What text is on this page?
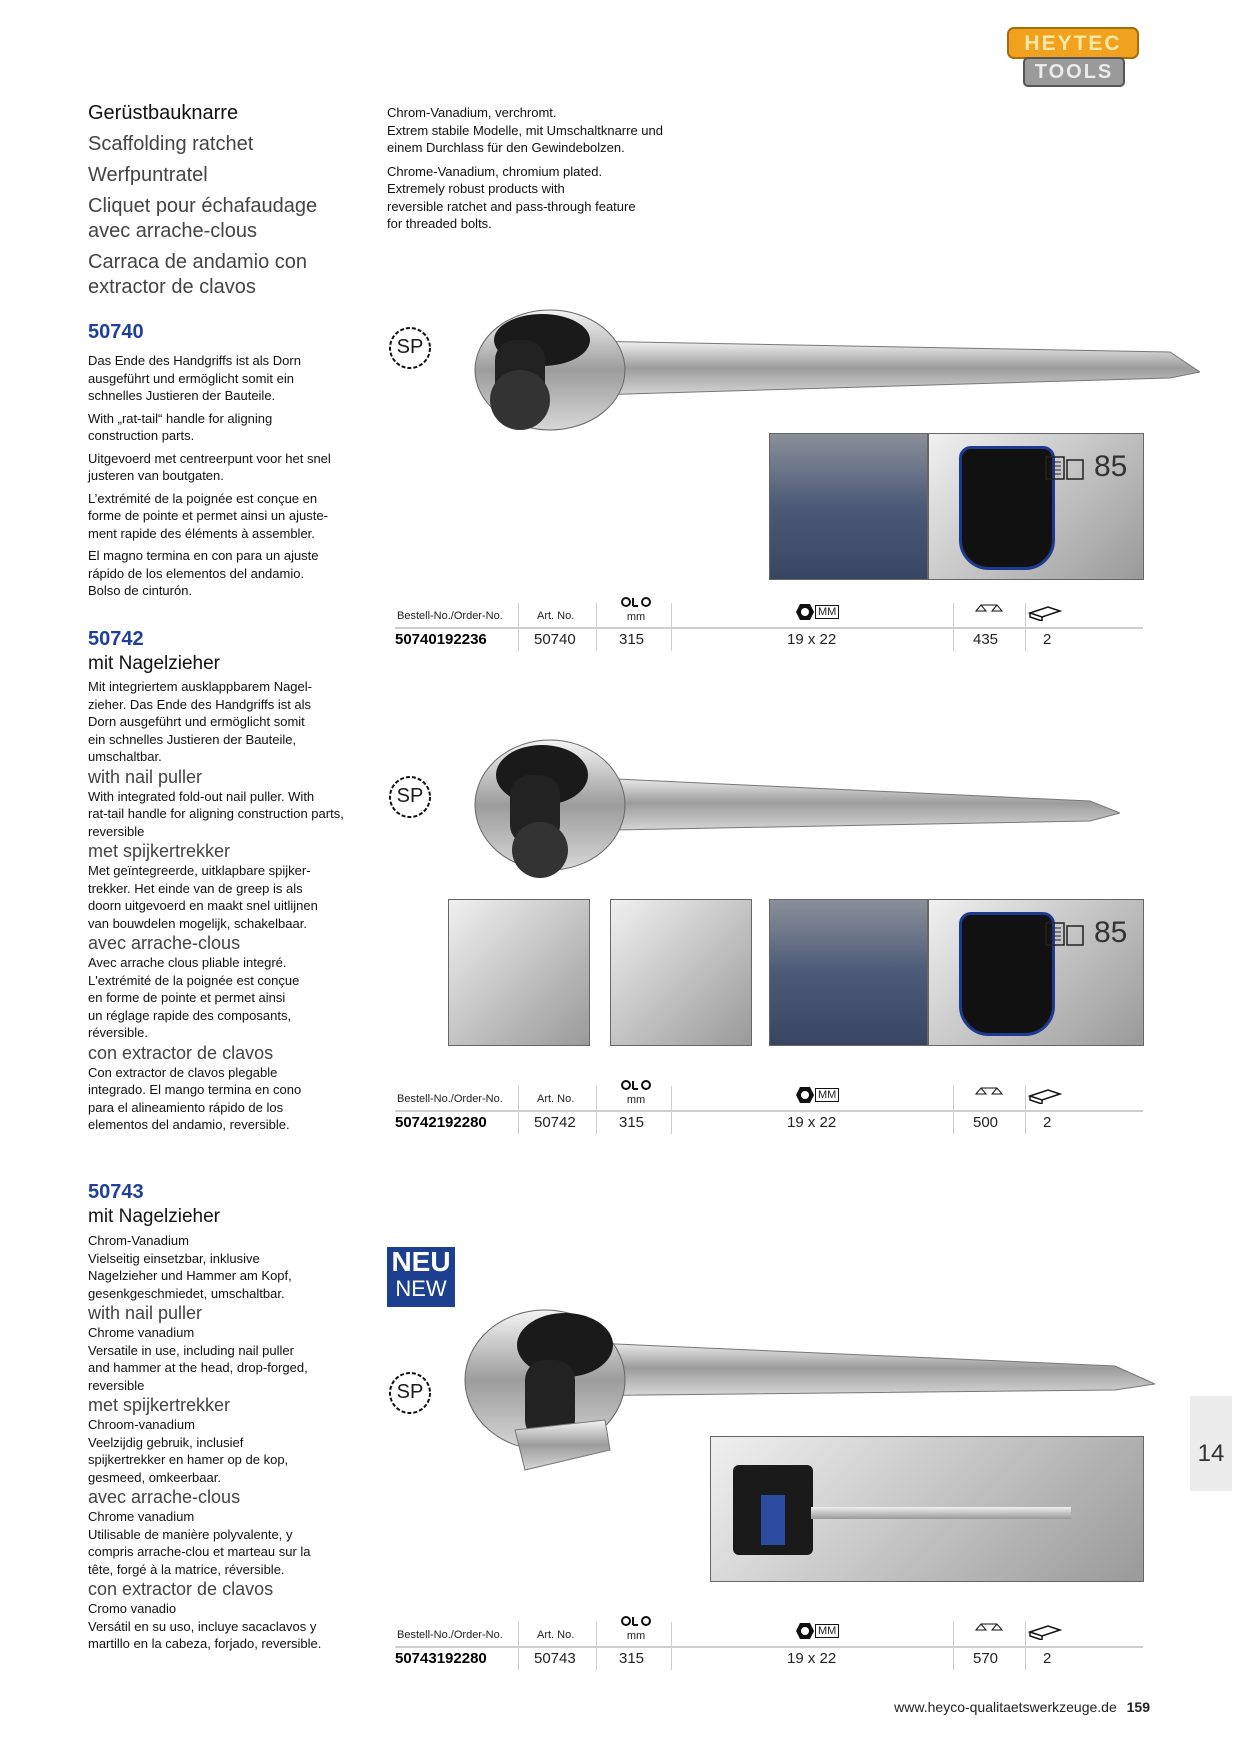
HEYTEC
TOOLS
Gerüstbauknarre
Scaffolding ratchet
Werfpuntratel
Cliquet pour échafaudage
avec arrache-clous
Carraca de andamio con
extractor de clavos
Chrom-Vanadium, verchromt.
Extrem stabile Modelle, mit Umschaltknarre und
einem Durchlass für den Gewindebolzen.
Chrome-Vanadium, chromium plated.
Extremely robust products with
reversible ratchet and pass-through feature
for threaded bolts.
50740
Das Ende des Handgriffs ist als Dorn
ausgeführt und ermöglicht somit ein
schnelles Justieren der Bauteile.
With „rat-tail“ handle for aligning
construction parts.
Uitgevoerd met centreerpunt voor het snel
justeren van boutgaten.
L’extrémité de la poignée est conçue en
forme de pointe et permet ainsi un ajuste-
ment rapide des éléments à assembler.
El magno termina en con para un ajuste
rápido de los elementos del andamio.
Bolso de cinturón.
SP
85
Bestell-No./Order-No.	Art. No.	mm	MM
50740192236	50740	315	19 x 22	435	2
50742
mit Nagelzieher
Mit integriertem ausklappbarem Nagel-
zieher. Das Ende des Handgriffs ist als
Dorn ausgeführt und ermöglicht somit
ein schnelles Justieren der Bauteile,
umschaltbar.
with nail puller
With integrated fold-out nail puller. With
rat-tail handle for aligning construction parts,
reversible
met spijkertrekker
Met geïntegreerde, uitklapbare spijker-
trekker. Het einde van de greep is als
doorn uitgevoerd en maakt snel uitlijnen
van bouwdelen mogelijk, schakelbaar.
avec arrache-clous
Avec arrache clous pliable integré.
L'extrémité de la poignée est conçue
en forme de pointe et permet ainsi
un réglage rapide des composants,
réversible.
con extractor de clavos
Con extractor de clavos plegable
integrado. El mango termina en cono
para el alineamiento rápido de los
elementos del andamio, reversible.
SP
85
Bestell-No./Order-No.	Art. No.	mm	MM
50742192280	50742	315	19 x 22	500	2
50743
mit Nagelzieher
Chrom-Vanadium
Vielseitig einsetzbar, inklusive
Nagelzieher und Hammer am Kopf,
gesenkgeschmiedet, umschaltbar.
with nail puller
Chrome vanadium
Versatile in use, including nail puller
and hammer at the head, drop-forged,
reversible
met spijkertrekker
Chroom-vanadium
Veelzijdig gebruik, inclusief
spijkertrekker en hamer op de kop,
gesmeed, omkeerbaar.
avec arrache-clous
Chrome vanadium
Utilisable de manière polyvalente, y
compris arrache-clou et marteau sur la
tête, forgé à la matrice, réversible.
con extractor de clavos
Cromo vanadio
Versátil en su uso, incluye sacaclavos y
martillo en la cabeza, forjado, reversible.
NEU
NEW
SP
Bestell-No./Order-No.	Art. No.	mm	MM
50743192280	50743	315	19 x 22	570	2
14
www.heyco-qualitaetswerkzeuge.de 159
